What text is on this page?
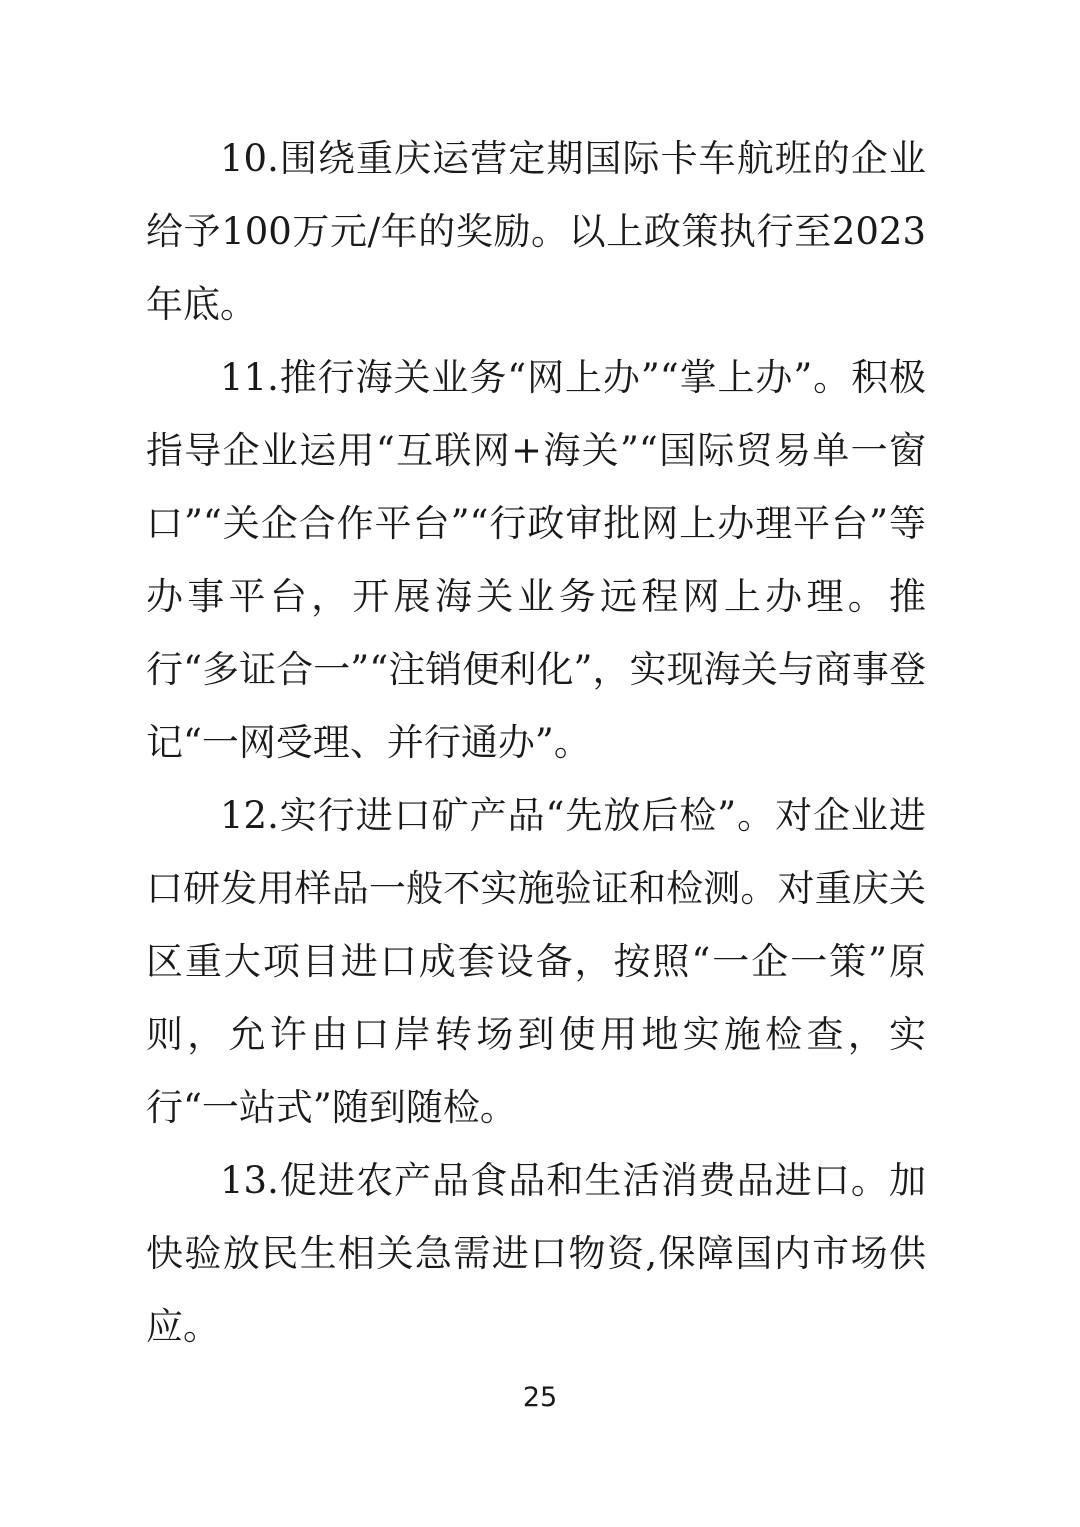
10.围绕重庆运营定期国际卡车航班的企业给予100万元/年的奖励。以上政策执行至2023年底。

11.推行海关业务“网上办”“掌上办”。积极指导企业运用“互联网+海关”“国际贸易单一窗口”“关企合作平台”“行政审批网上办理平台”等办事平台，开展海关业务远程网上办理。推行“多证合一”“注销便利化”，实现海关与商事登记“一网受理、并行通办”。

12.实行进口矿产品“先放后检”。对企业进口研发用样品一般不实施验证和检测。对重庆关区重大项目进口成套设备，按照“一企一策”原则，允许由口岸转场到使用地实施检查，实行“一站式”随到随检。

13.促进农产品食品和生活消费品进口。加快验放民生相关急需进口物资,保障国内市场供应。

25
